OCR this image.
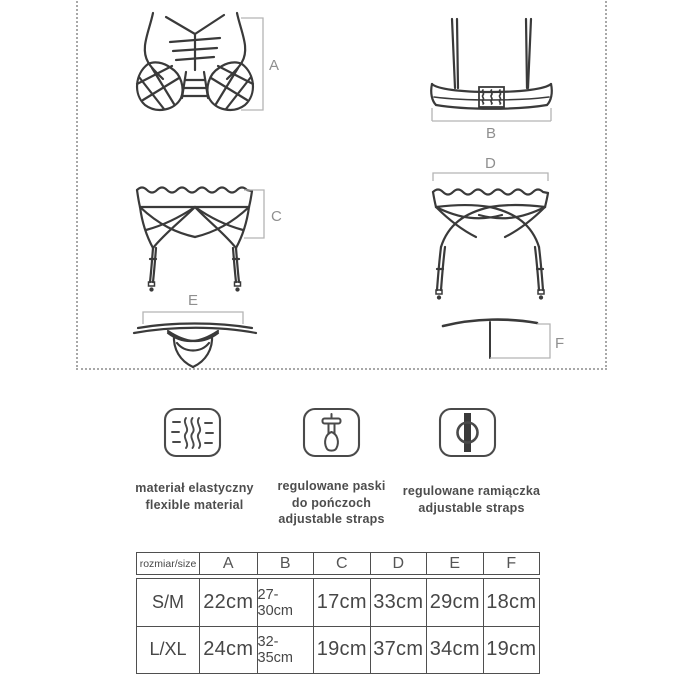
A
B
C
D
E
F
materiał elastyczny
flexible material
regulowane paski
do pończoch
adjustable straps
regulowane ramiączka
adjustable straps
rozmiar/size	A	B	C	D	E	F
S/M 22cm 27-30cm	17cm 33cm 29cm 18cm
L/XL 24cm 32-35cm	19cm 37cm 34cm 19cm
